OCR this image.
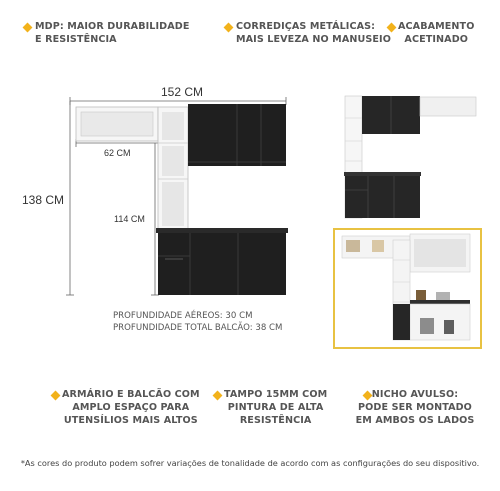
MDP: MAIOR DURABILIDADE
E RESISTÊNCIA
CORREDIÇAS METÁLICAS:
MAIS LEVEZA NO MANUSEIO
ACABAMENTO
ACETINADO
152 CM
138 CM
62 CM
114 CM
PROFUNDIDADE AÉREOS: 30 CM
PROFUNDIDADE TOTAL BALCÃO: 38 CM
ARMÁRIO E BALCÃO COM
AMPLO ESPAÇO PARA
UTENSÍLIOS MAIS ALTOS
TAMPO 15MM COM
PINTURA DE ALTA
RESISTÊNCIA
NICHO AVULSO:
PODE SER MONTADO
EM AMBOS OS LADOS
*As cores do produto podem sofrer variações de tonalidade de acordo com as configurações do seu dispositivo.
